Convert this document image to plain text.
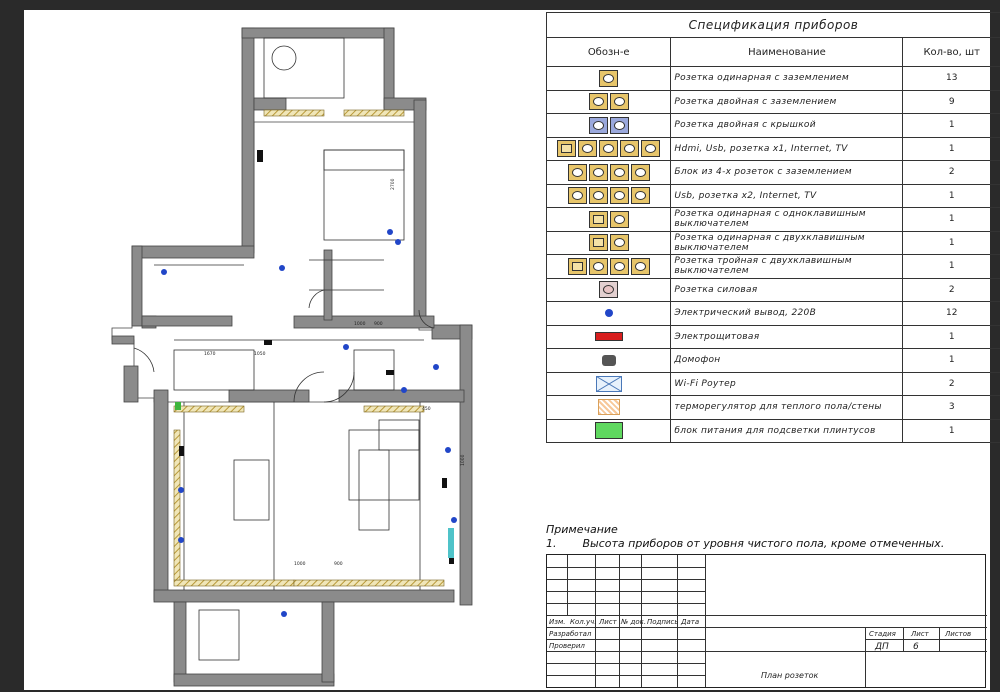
1670	1050
1000 900
1000	900
1000
2700
450
Спецификация приборов		
Обозн-е	Наименование	Кол-во, шт
	Розетка одинарная с заземлением	13
	Розетка двойная с заземлением	9
	Розетка двойная с крышкой	1
	Hdmi, Usb, розетка x1, Internet, TV	1
	Блок из 4-х розеток с заземлением	2
	Usb, розетка x2, Internet, TV	1
	Розетка одинарная с одноклавишным выключателем	1
	Розетка одинарная с двухклавишным выключателем	1
	Розетка тройная с двухклавишным выключателем	1
	Розетка силовая	2
	Электрический вывод, 220В	12
	Электрощитовая	1
	Домофон	1
	Wi-Fi Роутер	2
	терморегулятор для теплого пола/стены	3
	блок питания для подсветки плинтусов	1
Примечание
1. Высота приборов от уровня чистого пола, кроме отмеченных.
Изм. Кол.уч. Лист № док. Подпись Дата
Разработал
Проверил
Стадия Лист Листов
ДП	6
План розеток
